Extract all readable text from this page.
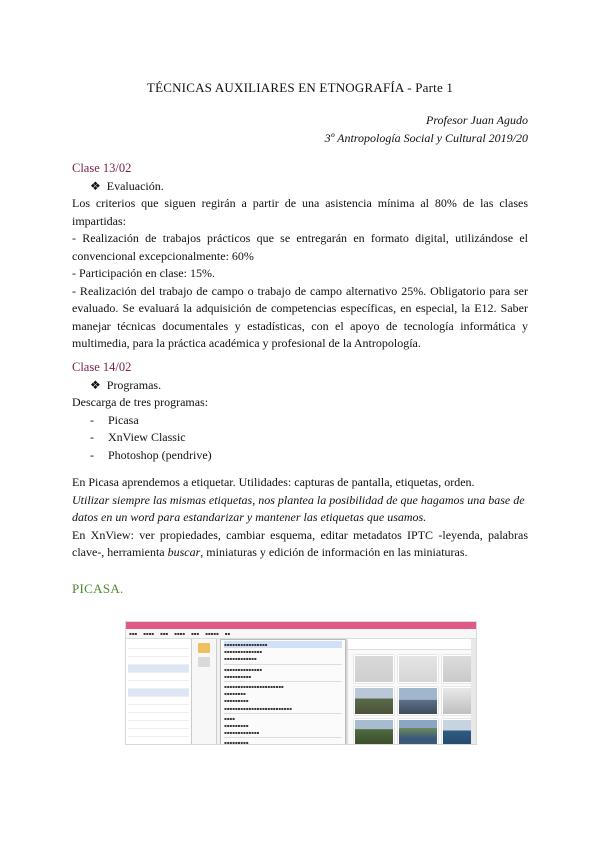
TÉCNICAS AUXILIARES EN ETNOGRAFÍA - Parte 1
Profesor Juan Agudo
3º Antropología Social y Cultural 2019/20
Clase 13/02
❖ Evaluación.

Los criterios que siguen regirán a partir de una asistencia mínima al 80% de las clases impartidas:

- Realización de trabajos prácticos que se entregarán en formato digital, utilizándose el convencional excepcionalmente: 60%

- Participación en clase: 15%.

- Realización del trabajo de campo o trabajo de campo alternativo 25%. Obligatorio para ser evaluado. Se evaluará la adquisición de competencias específicas, en especial, la E12. Saber manejar técnicas documentales y estadísticas, con el apoyo de tecnología informática y multimedia, para la práctica académica y profesional de la Antropología.

Clase 14/02
❖ Programas.

Descarga de tres programas:

- Picasa
- XnView Classic
- Photoshop (pendrive)

En Picasa aprendemos a etiquetar. Utilidades: capturas de pantalla, etiquetas, orden.

Utilizar siempre las mismas etiquetas, nos plantea la posibilidad de que hagamos una base de datos en un word para estandarizar y mantener las etiquetas que usamos.

En XnView: ver propiedades, cambiar esquema, editar metadatos IPTC -leyenda, palabras clave-, herramienta buscar, miniaturas y edición de información en las miniaturas.

PICASA.
▪▪▪ ▪▪▪▪ ▪▪▪ ▪▪▪▪ ▪▪▪ ▪▪▪▪▪ ▪▪
▪▪▪▪▪▪▪▪▪▪▪▪▪▪▪▪
▪▪▪▪▪▪▪▪▪▪▪▪▪▪
▪▪▪▪▪▪▪▪▪▪▪▪
▪▪▪▪▪▪▪▪▪▪▪▪▪▪
▪▪▪▪▪▪▪▪▪▪
▪▪▪▪▪▪▪▪▪▪▪▪▪▪▪▪▪▪▪▪▪▪
▪▪▪▪▪▪▪▪
▪▪▪▪▪▪▪▪▪
▪▪▪▪▪▪▪▪▪▪▪▪▪▪▪▪▪▪▪▪▪▪▪▪▪
▪▪▪▪
▪▪▪▪▪▪▪▪▪
▪▪▪▪▪▪▪▪▪▪▪▪▪
▪▪▪▪▪▪▪▪▪
